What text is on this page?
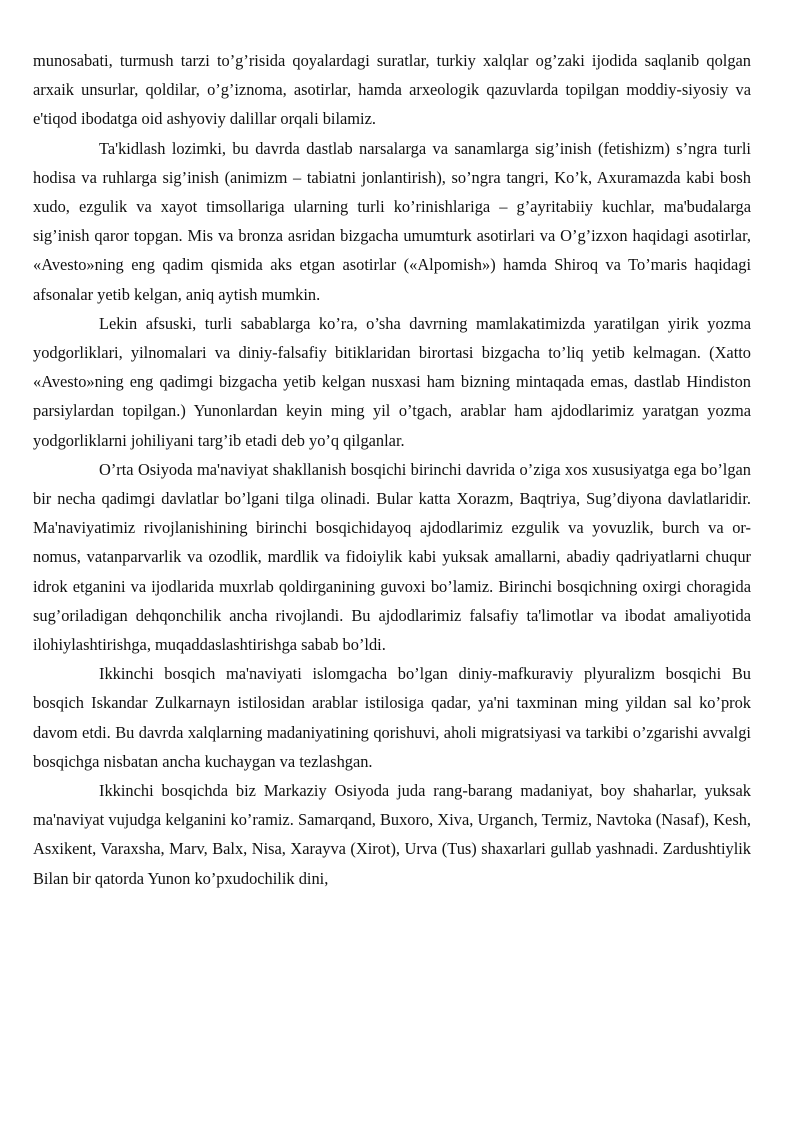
munosabati, turmush tarzi to’g’risida qoyalardagi suratlar, turkiy xalqlar og’zaki ijodida saqlanib qolgan arxaik unsurlar, qoldilar, o’g’iznoma, asotirlar, hamda arxeologik qazuvlarda topilgan moddiy-siyosiy va e'tiqod ibodatga oid ashyoviy dalillar orqali bilamiz.

Ta'kidlash lozimki, bu davrda dastlab narsalarga va sanamlarga sig’inish (fetishizm) s’ngra turli hodisa va ruhlarga sig’inish (animizm – tabiatni jonlantirish), so’ngra tangri, Ko’k, Axuramazda kabi bosh xudo, ezgulik va xayot timsollariga ularning turli ko’rinishlariga – g’ayritabiiy kuchlar, ma'budalarga sig’inish qaror topgan. Mis va bronza asridan bizgacha umumturk asotirlari va O’g’izxon haqidagi asotirlar, «Avesto»ning eng qadim qismida aks etgan asotirlar («Alpomish») hamda Shiroq va To’maris haqidagi afsonalar yetib kelgan, aniq aytish mumkin.

Lekin afsuski, turli sabablarga ko’ra, o’sha davrning mamlakatimizda yaratilgan yirik yozma yodgorliklari, yilnomalari va diniy-falsafiy bitiklaridan birortasi bizgacha to’liq yetib kelmagan. (Xatto «Avesto»ning eng qadimgi bizgacha yetib kelgan nusxasi ham bizning mintaqada emas, dastlab Hindiston parsiylardan topilgan.) Yunonlardan keyin ming yil o’tgach, arablar ham ajdodlarimiz yaratgan yozma yodgorliklarni johiliyani targ’ib etadi deb yo’q qilganlar.

O’rta Osiyoda ma'naviyat shakllanish bosqichi birinchi davrida o’ziga xos xususiyatga ega bo’lgan bir necha qadimgi davlatlar bo’lgani tilga olinadi. Bular katta Xorazm, Baqtriya, Sug’diyona davlatlaridir. Ma'naviyatimiz rivojlanishining birinchi bosqichidayoq ajdodlarimiz ezgulik va yovuzlik, burch va or-nomus, vatanparvarlik va ozodlik, mardlik va fidoiylik kabi yuksak amallarni, abadiy qadriyatlarni chuqur idrok etganini va ijodlarida muxrlab qoldirganining guvoxi bo’lamiz. Birinchi bosqichning oxirgi choragida sug’oriladigan dehqonchilik ancha rivojlandi. Bu ajdodlarimiz falsafiy ta'limotlar va ibodat amaliyotida ilohiylashtirishga, muqaddaslashtirishga sabab bo’ldi.

Ikkinchi bosqich ma'naviyati islomgacha bo’lgan diniy-mafkuraviy plyuralizm bosqichi Bu bosqich Iskandar Zulkarnayn istilosidan arablar istilosiga qadar, ya'ni taxminan ming yildan sal ko’prok davom etdi. Bu davrda xalqlarning madaniyatining qorishuvi, aholi migratsiyasi va tarkibi o’zgarishi avvalgi bosqichga nisbatan ancha kuchaygan va tezlashgan.

Ikkinchi bosqichda biz Markaziy Osiyoda juda rang-barang madaniyat, boy shaharlar, yuksak ma'naviyat vujudga kelganini ko’ramiz. Samarqand, Buxoro, Xiva, Urganch, Termiz, Navtoka (Nasaf), Kesh, Asxikent, Varaxsha, Marv, Balx, Nisa, Xarayva (Xirot), Urva (Tus) shaxarlari gullab yashnadi. Zardushtiylik Bilan bir qatorda Yunon ko’pxudochilik dini,
